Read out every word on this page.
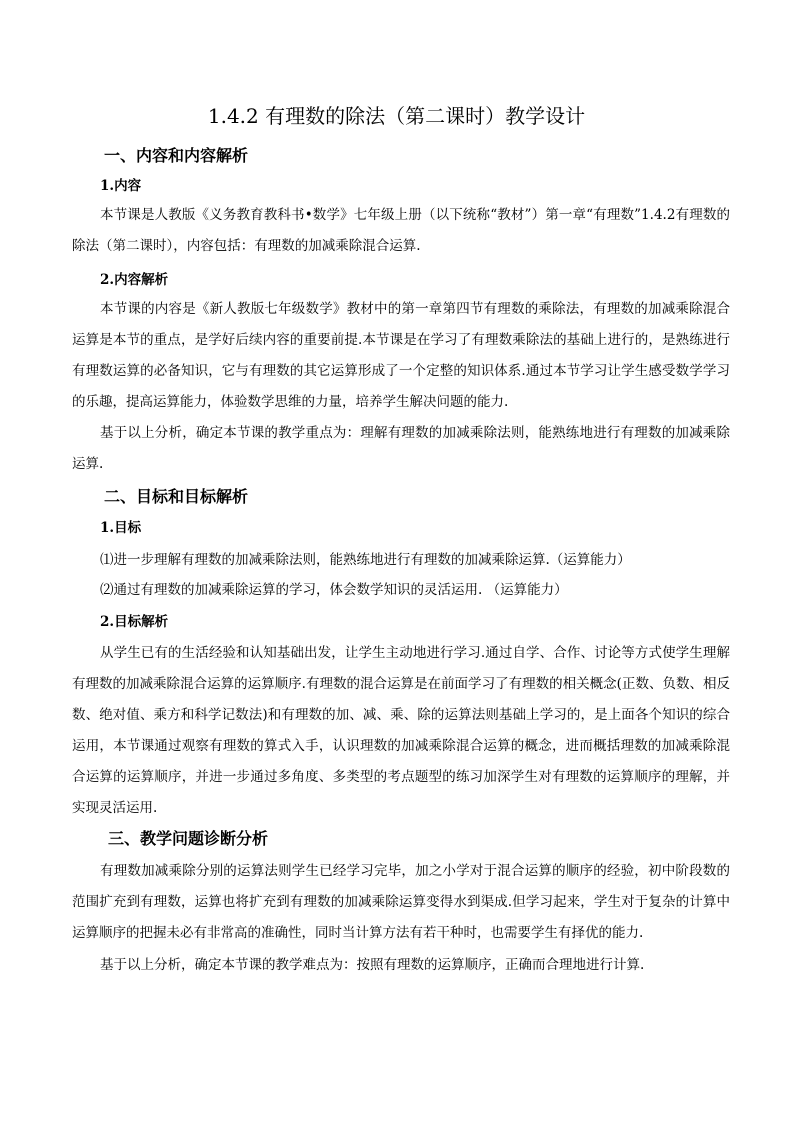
1.4.2 有理数的除法（第二课时）教学设计
一、内容和内容解析
1.内容
本节课是人教版《义务教育教科书•数学》七年级上册（以下统称“教材”）第一章“有理数”1.4.2有理数的除法（第二课时），内容包括：有理数的加减乘除混合运算.
2.内容解析
本节课的内容是《新人教版七年级数学》教材中的第一章第四节有理数的乘除法，有理数的加减乘除混合运算是本节的重点，是学好后续内容的重要前提.本节课是在学习了有理数乘除法的基础上进行的，是熟练进行有理数运算的必备知识，它与有理数的其它运算形成了一个定整的知识体系.通过本节学习让学生感受数学学习的乐趣，提高运算能力，体验数学思维的力量，培养学生解决问题的能力.
基于以上分析，确定本节课的教学重点为：理解有理数的加减乘除法则，能熟练地进行有理数的加减乘除运算.
二、目标和目标解析
1.目标
⑴进一步理解有理数的加减乘除法则，能熟练地进行有理数的加减乘除运算.（运算能力）
⑵通过有理数的加减乘除运算的学习，体会数学知识的灵活运用. （运算能力）
2.目标解析
从学生已有的生活经验和认知基础出发，让学生主动地进行学习.通过自学、合作、讨论等方式使学生理解有理数的加减乘除混合运算的运算顺序.有理数的混合运算是在前面学习了有理数的相关概念(正数、负数、相反数、绝对值、乘方和科学记数法)和有理数的加、减、乘、除的运算法则基础上学习的，是上面各个知识的综合运用，本节课通过观察有理数的算式入手，认识理数的加减乘除混合运算的概念，进而概括理数的加减乘除混合运算的运算顺序，并进一步通过多角度、多类型的考点题型的练习加深学生对有理数的运算顺序的理解，并实现灵活运用.
三、教学问题诊断分析
有理数加减乘除分别的运算法则学生已经学习完毕，加之小学对于混合运算的顺序的经验，初中阶段数的范围扩充到有理数，运算也将扩充到有理数的加减乘除运算变得水到渠成.但学习起来，学生对于复杂的计算中运算顺序的把握未必有非常高的准确性，同时当计算方法有若干种时，也需要学生有择优的能力.
基于以上分析，确定本节课的教学难点为：按照有理数的运算顺序，正确而合理地进行计算.
